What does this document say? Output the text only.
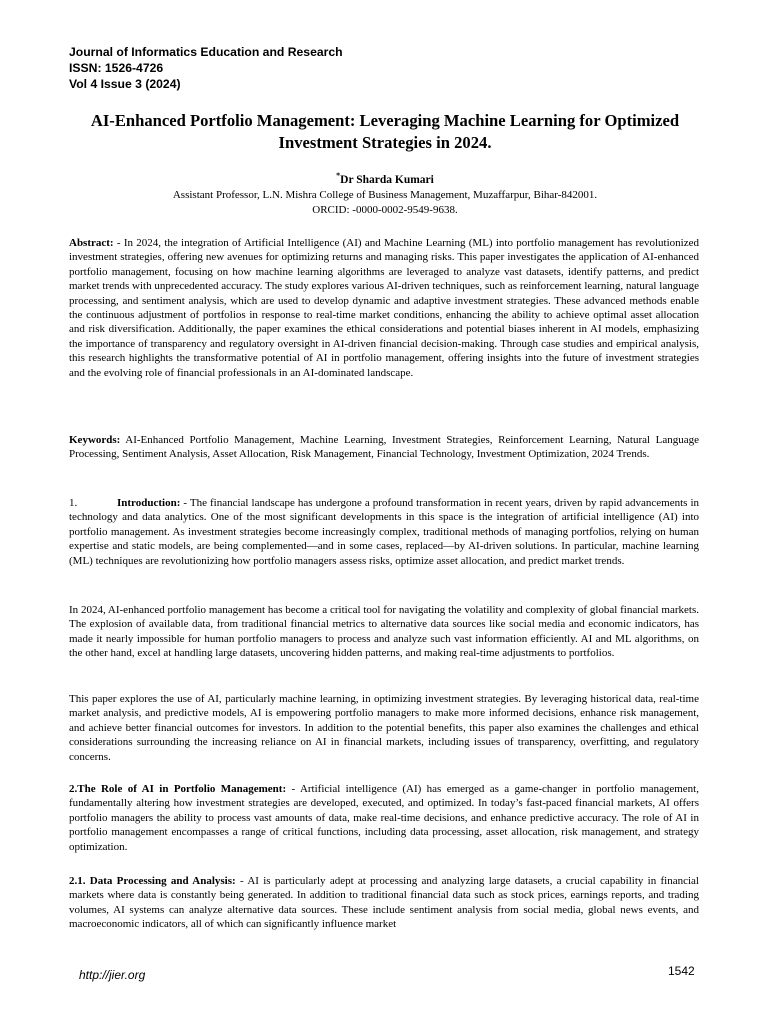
Journal of Informatics Education and Research
ISSN: 1526-4726
Vol 4 Issue 3 (2024)
AI-Enhanced Portfolio Management: Leveraging Machine Learning for Optimized Investment Strategies in 2024.
*Dr Sharda Kumari
Assistant Professor, L.N. Mishra College of Business Management, Muzaffarpur, Bihar-842001.
ORCID: -0000-0002-9549-9638.

Abstract: - In 2024, the integration of Artificial Intelligence (AI) and Machine Learning (ML) into portfolio management has revolutionized investment strategies, offering new avenues for optimizing returns and managing risks. This paper investigates the application of AI-enhanced portfolio management, focusing on how machine learning algorithms are leveraged to analyze vast datasets, identify patterns, and predict market trends with unprecedented accuracy. The study explores various AI-driven techniques, such as reinforcement learning, natural language processing, and sentiment analysis, which are used to develop dynamic and adaptive investment strategies. These advanced methods enable the continuous adjustment of portfolios in response to real-time market conditions, enhancing the ability to achieve optimal asset allocation and risk diversification. Additionally, the paper examines the ethical considerations and potential biases inherent in AI models, emphasizing the importance of transparency and regulatory oversight in AI-driven financial decision-making. Through case studies and empirical analysis, this research highlights the transformative potential of AI in portfolio management, offering insights into the future of investment strategies and the evolving role of financial professionals in an AI-dominated landscape.

Keywords: AI-Enhanced Portfolio Management, Machine Learning, Investment Strategies, Reinforcement Learning, Natural Language Processing, Sentiment Analysis, Asset Allocation, Risk Management, Financial Technology, Investment Optimization, 2024 Trends.

1.	Introduction: - The financial landscape has undergone a profound transformation in recent years, driven by rapid advancements in technology and data analytics. One of the most significant developments in this space is the integration of artificial intelligence (AI) into portfolio management. As investment strategies become increasingly complex, traditional methods of managing portfolios, relying on human expertise and static models, are being complemented—and in some cases, replaced—by AI-driven solutions. In particular, machine learning (ML) techniques are revolutionizing how portfolio managers assess risks, optimize asset allocation, and predict market trends.

In 2024, AI-enhanced portfolio management has become a critical tool for navigating the volatility and complexity of global financial markets. The explosion of available data, from traditional financial metrics to alternative data sources like social media and economic indicators, has made it nearly impossible for human portfolio managers to process and analyze such vast information efficiently. AI and ML algorithms, on the other hand, excel at handling large datasets, uncovering hidden patterns, and making real-time adjustments to portfolios.

This paper explores the use of AI, particularly machine learning, in optimizing investment strategies. By leveraging historical data, real-time market analysis, and predictive models, AI is empowering portfolio managers to make more informed decisions, enhance risk management, and achieve better financial outcomes for investors. In addition to the potential benefits, this paper also examines the challenges and ethical considerations surrounding the increasing reliance on AI in financial markets, including issues of transparency, overfitting, and regulatory concerns.

2.The Role of AI in Portfolio Management: - Artificial intelligence (AI) has emerged as a game-changer in portfolio management, fundamentally altering how investment strategies are developed, executed, and optimized. In today’s fast-paced financial markets, AI offers portfolio managers the ability to process vast amounts of data, make real-time decisions, and enhance predictive accuracy. The role of AI in portfolio management encompasses a range of critical functions, including data processing, asset allocation, risk management, and strategy optimization.

2.1. Data Processing and Analysis: - AI is particularly adept at processing and analyzing large datasets, a crucial capability in financial markets where data is constantly being generated. In addition to traditional financial data such as stock prices, earnings reports, and trading volumes, AI systems can analyze alternative data sources. These include sentiment analysis from social media, global news events, and macroeconomic indicators, all of which can significantly influence market

http://jier.org	1542
